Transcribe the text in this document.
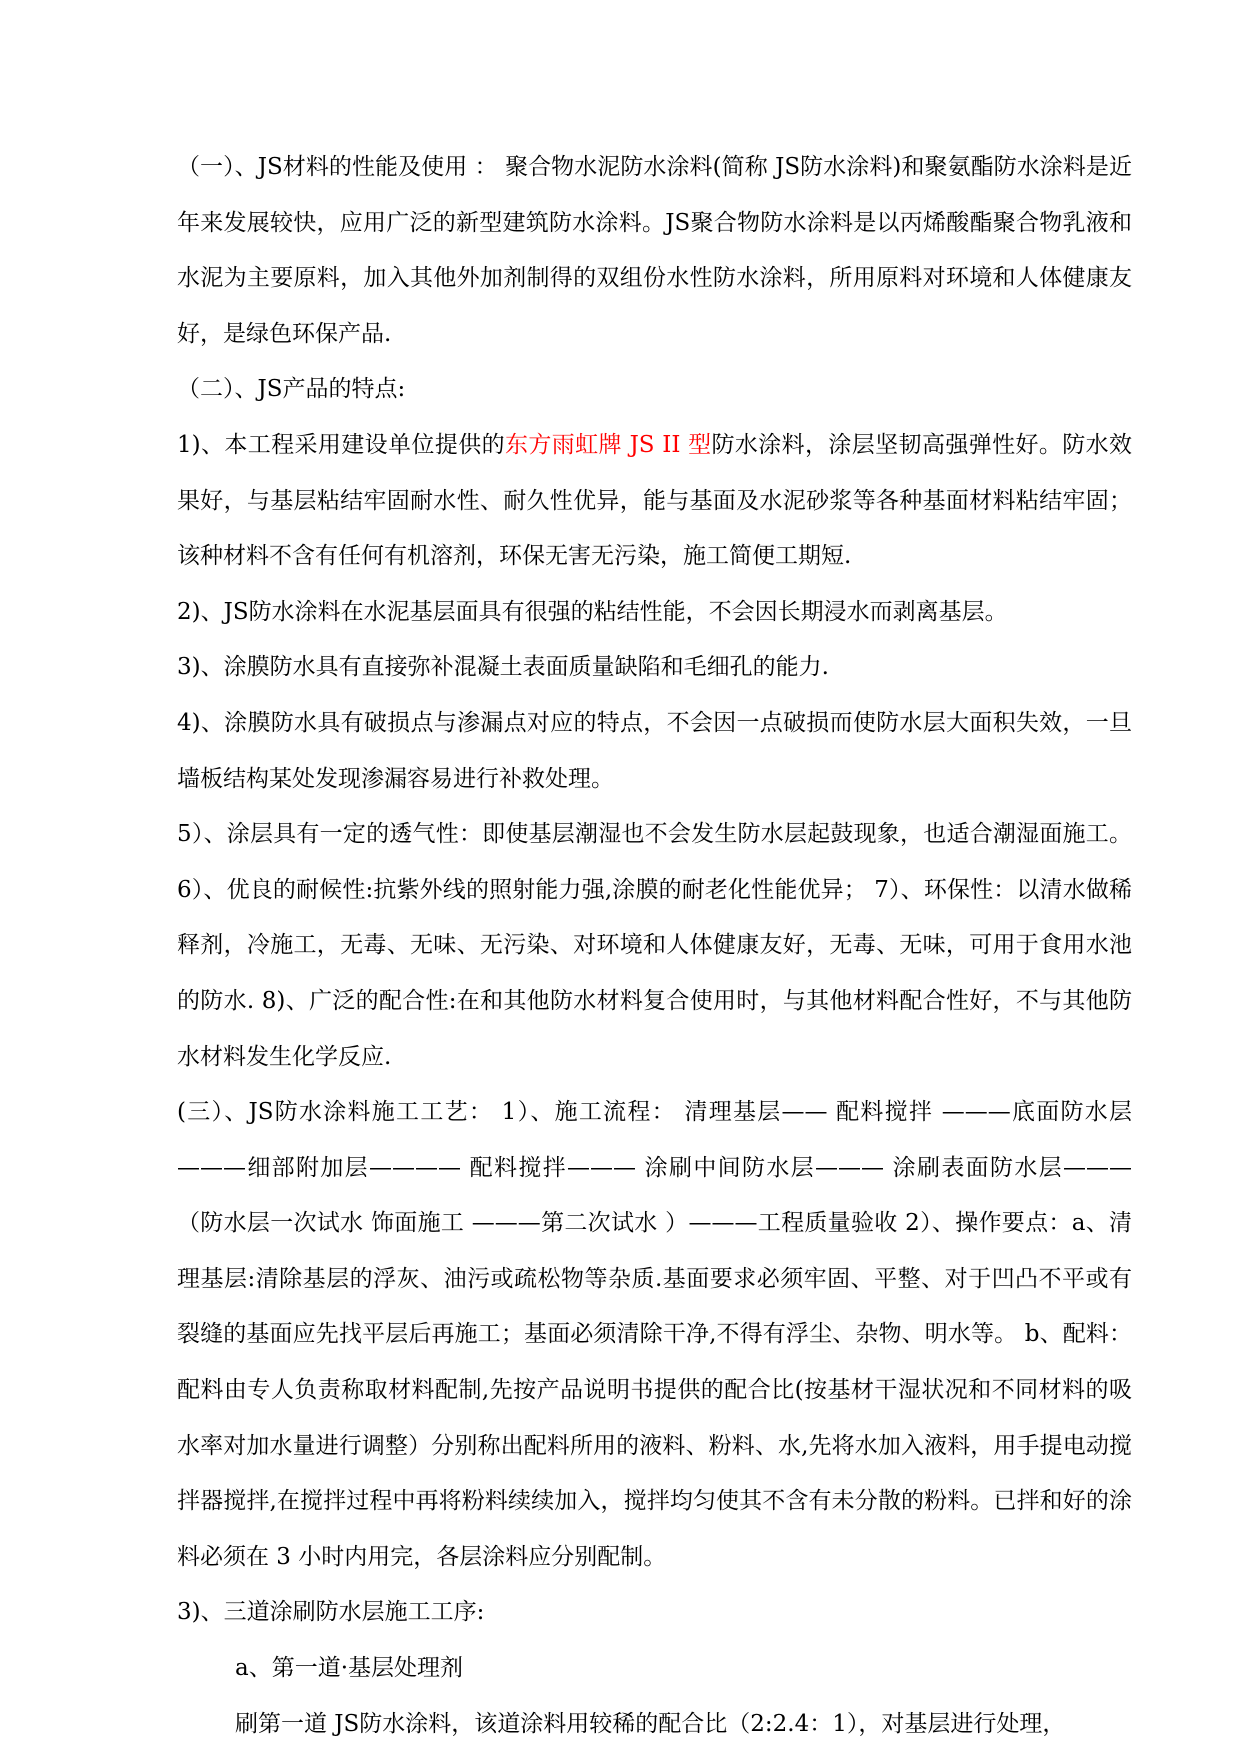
（一）、JS材料的性能及使用 ： 聚合物水泥防水涂料(简称 JS防水涂料)和聚氨酯防水涂料是近年来发展较快，应用广泛的新型建筑防水涂料。JS聚合物防水涂料是以丙烯酸酯聚合物乳液和水泥为主要原料，加入其他外加剂制得的双组份水性防水涂料，所用原料对环境和人体健康友好，是绿色环保产品.

（二）、JS产品的特点:

1)、本工程采用建设单位提供的东方雨虹牌 JS II 型防水涂料，涂层坚韧高强弹性好。防水效果好，与基层粘结牢固耐水性、耐久性优异，能与基面及水泥砂浆等各种基面材料粘结牢固；该种材料不含有任何有机溶剂，环保无害无污染，施工简便工期短.

2)、JS防水涂料在水泥基层面具有很强的粘结性能，不会因长期浸水而剥离基层。

3)、涂膜防水具有直接弥补混凝土表面质量缺陷和毛细孔的能力.

4)、涂膜防水具有破损点与渗漏点对应的特点，不会因一点破损而使防水层大面积失效，一旦墙板结构某处发现渗漏容易进行补救处理。

5）、涂层具有一定的透气性：即使基层潮湿也不会发生防水层起鼓现象，也适合潮湿面施工。 6）、优良的耐候性:抗紫外线的照射能力强,涂膜的耐老化性能优异； 7）、环保性：以清水做稀释剂，冷施工，无毒、无味、无污染、对环境和人体健康友好，无毒、无味，可用于食用水池的防水. 8)、广泛的配合性:在和其他防水材料复合使用时，与其他材料配合性好，不与其他防水材料发生化学反应.

(三）、JS防水涂料施工工艺： 1）、施工流程： 清理基层—— 配料搅拌 ———底面防水层 ———细部附加层———— 配料搅拌——— 涂刷中间防水层——— 涂刷表面防水层———（防水层一次试水 饰面施工 ———第二次试水 ）———工程质量验收 2）、操作要点：a、清理基层:清除基层的浮灰、油污或疏松物等杂质.基面要求必须牢固、平整、对于凹凸不平或有裂缝的基面应先找平层后再施工；基面必须清除干净,不得有浮尘、杂物、明水等。 b、配料： 配料由专人负责称取材料配制,先按产品说明书提供的配合比(按基材干湿状况和不同材料的吸水率对加水量进行调整）分别称出配料所用的液料、粉料、水,先将水加入液料，用手提电动搅拌器搅拌,在搅拌过程中再将粉料续续加入，搅拌均匀使其不含有未分散的粉料。已拌和好的涂料必须在 3 小时内用完，各层涂料应分别配制。

3)、三道涂刷防水层施工工序:

a、第一道·基层处理剂

刷第一道 JS防水涂料，该道涂料用较稀的配合比（2:2.4：1），对基层进行处理，
